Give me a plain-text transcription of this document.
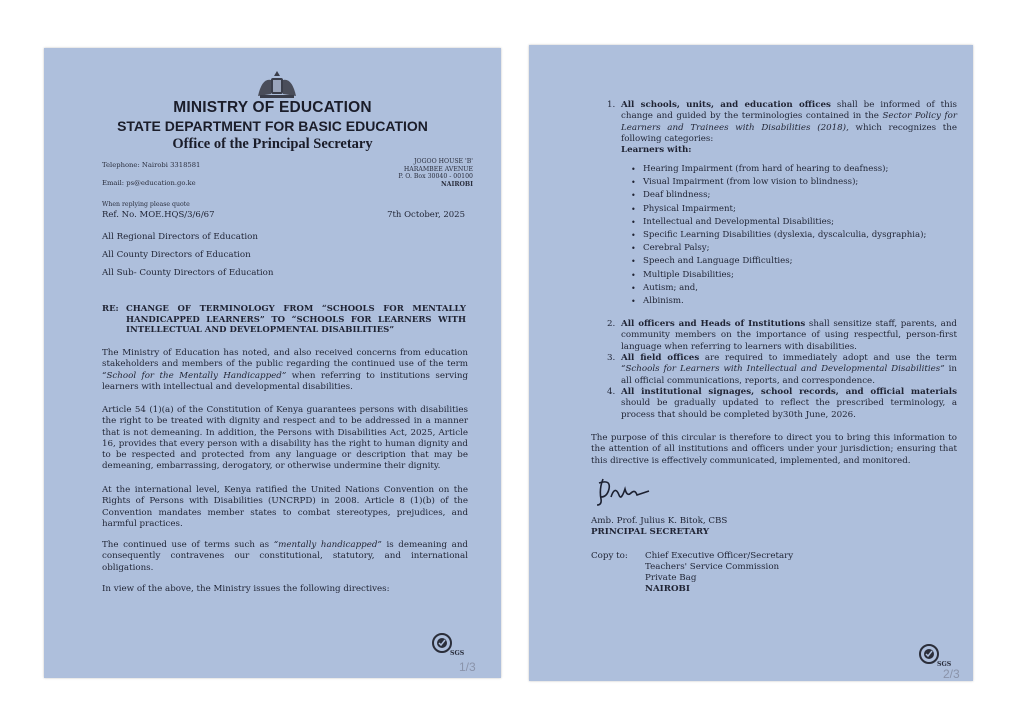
MINISTRY OF EDUCATION
STATE DEPARTMENT FOR BASIC EDUCATION
Office of the Principal Secretary
Telephone: Nairobi 3318581
Email: ps@education.go.ke
JOGOO HOUSE 'B'
HARAMBEE AVENUE
P. O. Box 30040 - 00100
NAIROBI
When replying please quote
Ref. No. MOE.HQS/3/6/67	7th October, 2025
All Regional Directors of Education
All County Directors of Education
All Sub- County Directors of Education
RE: CHANGE OF TERMINOLOGY FROM “SCHOOLS FOR MENTALLY HANDICAPPED LEARNERS” TO “SCHOOLS FOR LEARNERS WITH INTELLECTUAL AND DEVELOPMENTAL DISABILITIES”
The Ministry of Education has noted, and also received concerns from education stakeholders and members of the public regarding the continued use of the term “School for the Mentally Handicapped” when referring to institutions serving learners with intellectual and developmental disabilities.
Article 54 (1)(a) of the Constitution of Kenya guarantees persons with disabilities the right to be treated with dignity and respect and to be addressed in a manner that is not demeaning. In addition, the Persons with Disabilities Act, 2025, Article 16, provides that every person with a disability has the right to human dignity and to be respected and protected from any language or description that may be demeaning, embarrassing, derogatory, or otherwise undermine their dignity.
At the international level, Kenya ratified the United Nations Convention on the Rights of Persons with Disabilities (UNCRPD) in 2008. Article 8 (1)(b) of the Convention mandates member states to combat stereotypes, prejudices, and harmful practices.
The continued use of terms such as “mentally handicapped” is demeaning and consequently contravenes our constitutional, statutory, and international obligations.
In view of the above, the Ministry issues the following directives:
SGS
1/3
1. All schools, units, and education offices shall be informed of this change and guided by the terminologies contained in the Sector Policy for Learners and Trainees with Disabilities (2018), which recognizes the following categories:
Learners with:
• Hearing Impairment (from hard of hearing to deafness);
• Visual Impairment (from low vision to blindness);
• Deaf blindness;
• Physical Impairment;
• Intellectual and Developmental Disabilities;
• Specific Learning Disabilities (dyslexia, dyscalculia, dysgraphia);
• Cerebral Palsy;
• Speech and Language Difficulties;
• Multiple Disabilities;
• Autism; and,
• Albinism.
2. All officers and Heads of Institutions shall sensitize staff, parents, and community members on the importance of using respectful, person-first language when referring to learners with disabilities.
3. All field offices are required to immediately adopt and use the term “Schools for Learners with Intellectual and Developmental Disabilities” in all official communications, reports, and correspondence.
4. All institutional signages, school records, and official materials should be gradually updated to reflect the prescribed terminology, a process that should be completed by30th June, 2026.
The purpose of this circular is therefore to direct you to bring this information to the attention of all institutions and officers under your jurisdiction; ensuring that this directive is effectively communicated, implemented, and monitored.
Amb. Prof. Julius K. Bitok, CBS
PRINCIPAL SECRETARY
Copy to: Chief Executive Officer/Secretary
Teachers' Service Commission
Private Bag
NAIROBI
SGS
2/3
